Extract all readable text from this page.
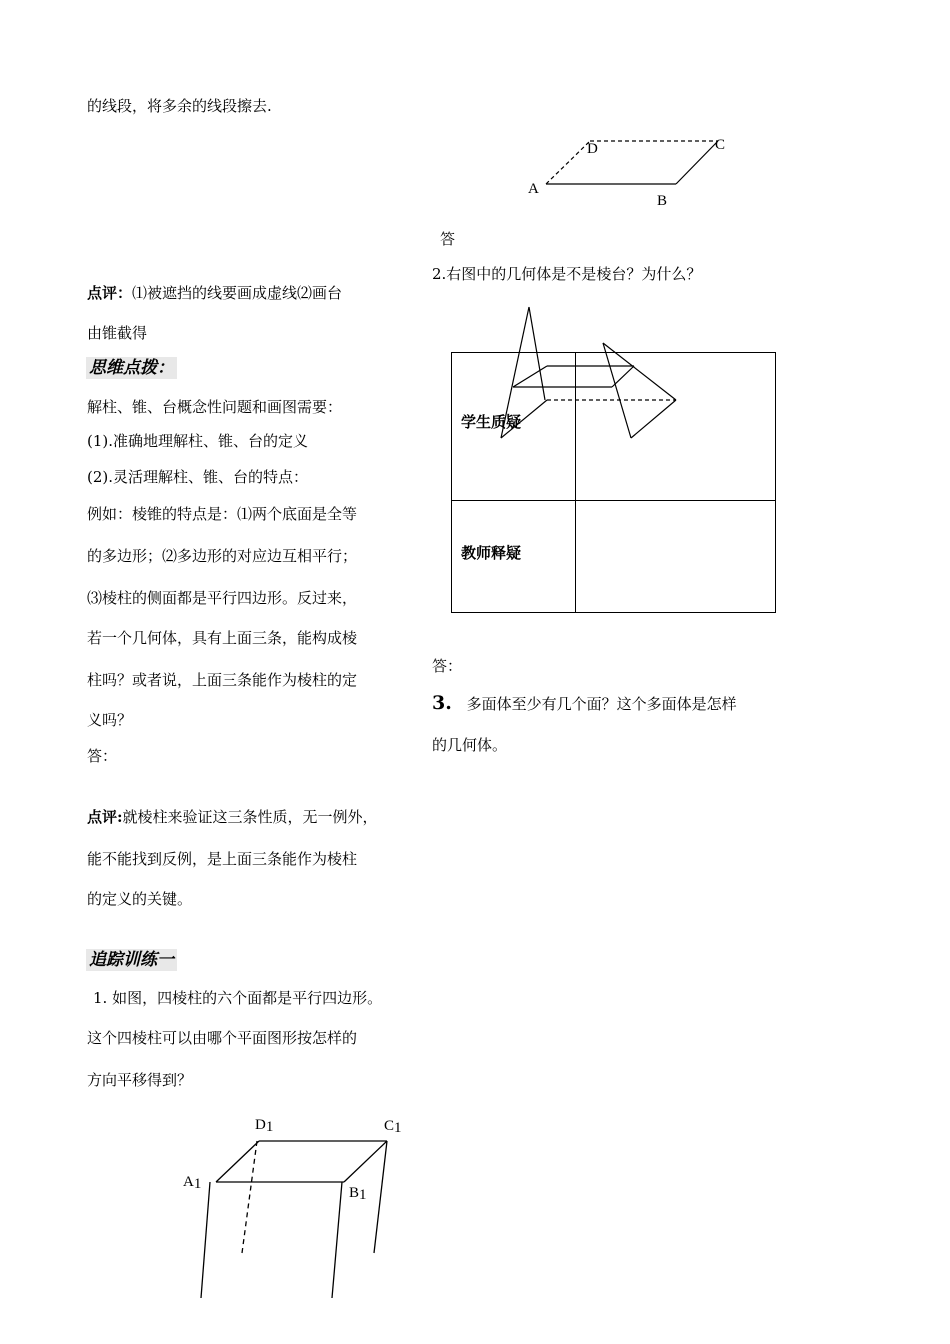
的线段，将多余的线段擦去.
点评：⑴被遮挡的线要画成虚线⑵画台
由锥截得
思维点拨：
解柱、锥、台概念性问题和画图需要：
(1).准确地理解柱、锥、台的定义
(2).灵活理解柱、锥、台的特点：
例如：棱锥的特点是：⑴两个底面是全等
的多边形；⑵多边形的对应边互相平行；
⑶棱柱的侧面都是平行四边形。反过来，
若一个几何体，具有上面三条，能构成棱
柱吗？或者说，上面三条能作为棱柱的定
义吗？
答：
点评:就棱柱来验证这三条性质，无一例外，
能不能找到反例，是上面三条能作为棱柱
的定义的关键。
追踪训练一
1. 如图，四棱柱的六个面都是平行四边形。
这个四棱柱可以由哪个平面图形按怎样的
方向平移得到？
答
2.右图中的几何体是不是棱台？为什么？
学生质疑
教师释疑
答：
3. 多面体至少有几个面？这个多面体是怎样
的几何体。
A
B
C
D
D1	C1
A1
B1
